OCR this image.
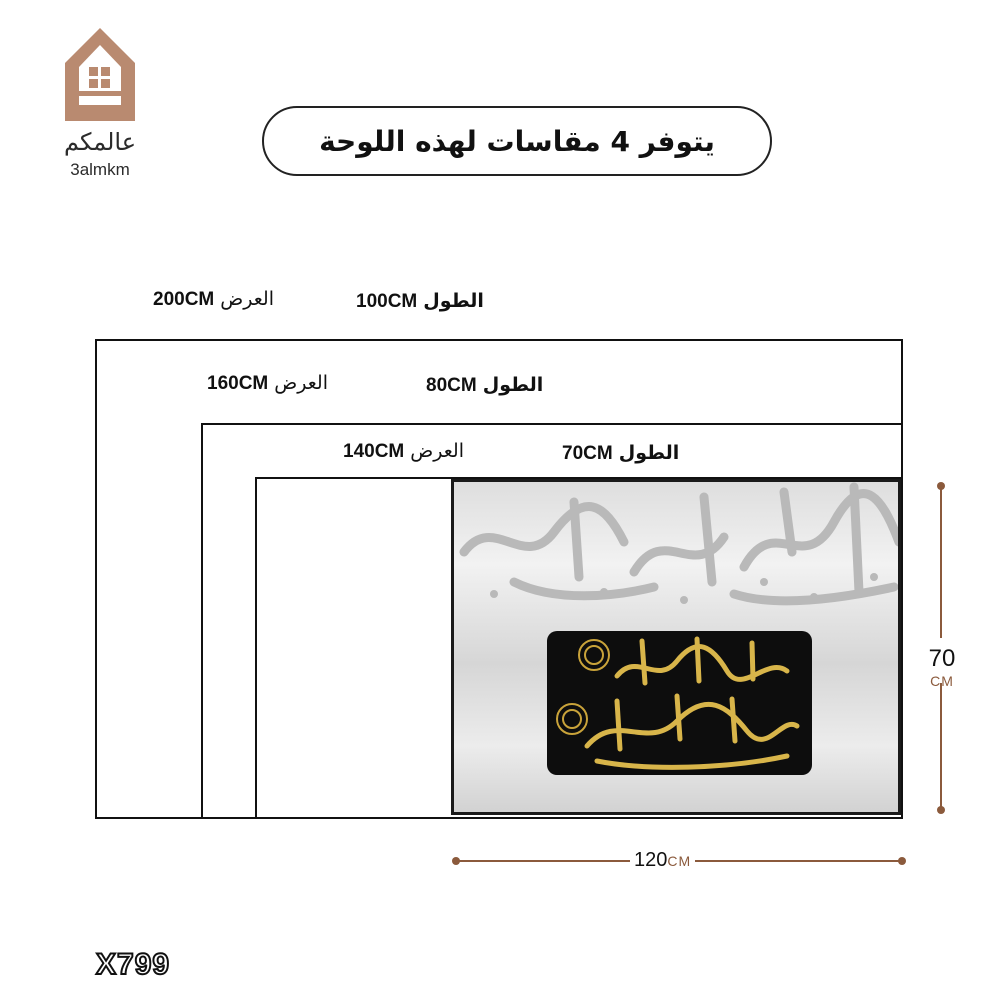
عالمكم
3almkm
يتوفر 4 مقاسات لهذه اللوحة
200CM العرض	100CM الطول
160CM العرض	80CM الطول
140CM العرض	70CM الطول
70
CM
120CM
X799
